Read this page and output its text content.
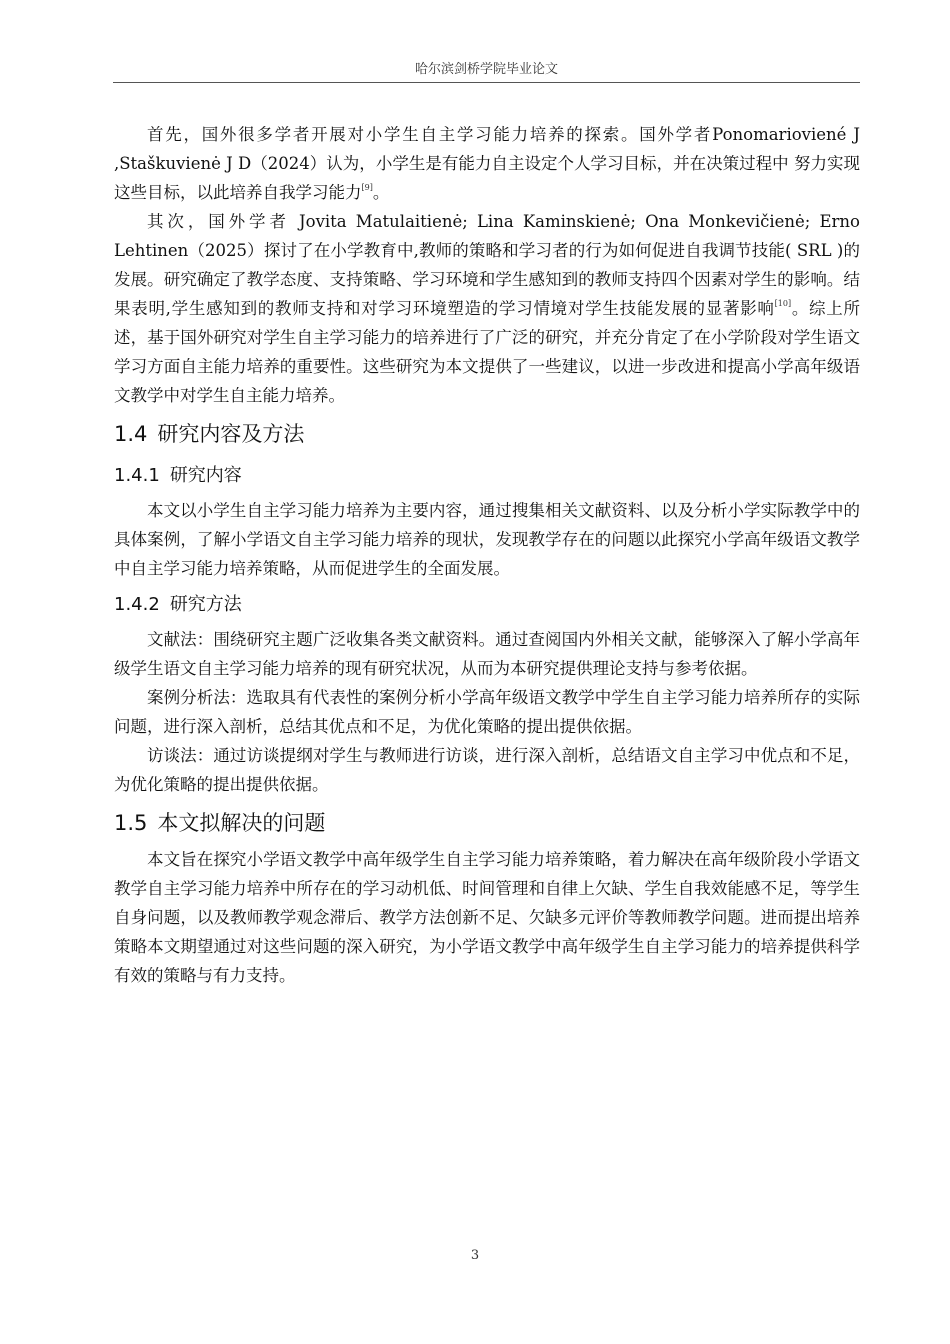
哈尔滨剑桥学院毕业论文

首先，国外很多学者开展对小学生自主学习能力培养的探索。国外学者Ponomarioviené J ,Staškuvienė J D（2024）认为，小学生是有能力自主设定个人学习目标，并在决策过程中 努力实现这些目标，以此培养自我学习能力[9]。

其次，国外学者 Jovita Matulaitienė; Lina Kaminskienė; Ona Monkevičienė; Erno Lehtinen（2025）探讨了在小学教育中,教师的策略和学习者的行为如何促进自我调节技能( SRL )的发展。研究确定了教学态度、支持策略、学习环境和学生感知到的教师支持四个因素对学生的影响。结果表明,学生感知到的教师支持和对学习环境塑造的学习情境对学生技能发展的显著影响[10]。综上所述，基于国外研究对学生自主学习能力的培养进行了广泛的研究，并充分肯定了在小学阶段对学生语文学习方面自主能力培养的重要性。这些研究为本文提供了一些建议，以进一步改进和提高小学高年级语文教学中对学生自主能力培养。

1.4 研究内容及方法
1.4.1 研究内容

本文以小学生自主学习能力培养为主要内容，通过搜集相关文献资料、以及分析小学实际教学中的具体案例，了解小学语文自主学习能力培养的现状，发现教学存在的问题以此探究小学高年级语文教学中自主学习能力培养策略，从而促进学生的全面发展。

1.4.2 研究方法

文献法：围绕研究主题广泛收集各类文献资料。通过查阅国内外相关文献，能够深入了解小学高年级学生语文自主学习能力培养的现有研究状况，从而为本研究提供理论支持与参考依据。

案例分析法：选取具有代表性的案例分析小学高年级语文教学中学生自主学习能力培养所存的实际问题，进行深入剖析，总结其优点和不足，为优化策略的提出提供依据。

访谈法：通过访谈提纲对学生与教师进行访谈，进行深入剖析，总结语文自主学习中优点和不足，为优化策略的提出提供依据。

1.5 本文拟解决的问题

本文旨在探究小学语文教学中高年级学生自主学习能力培养策略，着力解决在高年级阶段小学语文教学自主学习能力培养中所存在的学习动机低、时间管理和自律上欠缺、学生自我效能感不足，等学生自身问题，以及教师教学观念滞后、教学方法创新不足、欠缺多元评价等教师教学问题。进而提出培养策略本文期望通过对这些问题的深入研究，为小学语文教学中高年级学生自主学习能力的培养提供科学有效的策略与有力支持。

3
